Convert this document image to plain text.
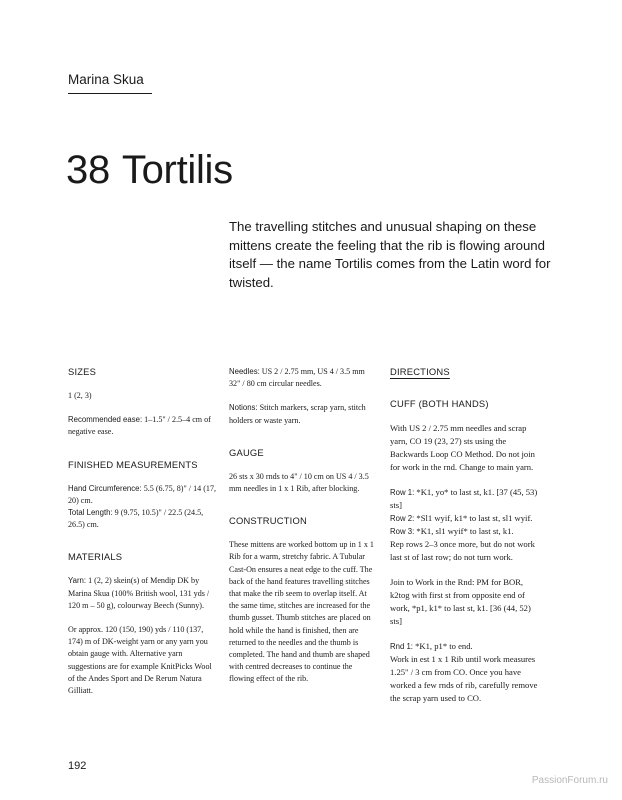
Marina Skua
38 Tortilis

The travelling stitches and unusual shaping on these mittens create the feeling that the rib is flowing around itself — the name Tortilis comes from the Latin word for twisted.

SIZES

1 (2, 3)

Recommended ease: 1–1.5" / 2.5–4 cm of negative ease.

FINISHED MEASUREMENTS

Hand Circumference: 5.5 (6.75, 8)" / 14 (17, 20) cm.

Total Length: 9 (9.75, 10.5)" / 22.5 (24.5, 26.5) cm.

MATERIALS

Yarn: 1 (2, 2) skein(s) of Mendip DK by Marina Skua (100% British wool, 131 yds / 120 m – 50 g), colourway Beech (Sunny).

Or approx. 120 (150, 190) yds / 110 (137, 174) m of DK-weight yarn or any yarn you obtain gauge with. Alternative yarn suggestions are for example KnitPicks Wool of the Andes Sport and De Rerum Natura Gilliatt.

Needles: US 2 / 2.75 mm, US 4 / 3.5 mm 32" / 80 cm circular needles.

Notions: Stitch markers, scrap yarn, stitch holders or waste yarn.

GAUGE

26 sts x 30 rnds to 4" / 10 cm on US 4 / 3.5 mm needles in 1 x 1 Rib, after blocking.

CONSTRUCTION

These mittens are worked bottom up in 1 x 1 Rib for a warm, stretchy fabric. A Tubular Cast-On ensures a neat edge to the cuff. The back of the hand features travelling stitches that make the rib seem to overlap itself. At the same time, stitches are increased for the thumb gusset. Thumb stitches are placed on hold while the hand is finished, then are returned to the needles and the thumb is completed. The hand and thumb are shaped with centred decreases to continue the flowing effect of the rib.

DIRECTIONS
CUFF (BOTH HANDS)

With US 2 / 2.75 mm needles and scrap yarn, CO 19 (23, 27) sts using the Backwards Loop CO Method. Do not join for work in the rnd. Change to main yarn.

Row 1: *K1, yo* to last st, k1. [37 (45, 53) sts]

Row 2: *Sl1 wyif, k1* to last st, sl1 wyif.

Row 3: *K1, sl1 wyif* to last st, k1.

Rep rows 2–3 once more, but do not work last st of last row; do not turn work.

Join to Work in the Rnd: PM for BOR, k2tog with first st from opposite end of work, *p1, k1* to last st, k1. [36 (44, 52) sts]

Rnd 1: *K1, p1* to end.

Work in est 1 x 1 Rib until work measures 1.25" / 3 cm from CO. Once you have worked a few rnds of rib, carefully remove the scrap yarn used to CO.

192
PassionForum.ru
